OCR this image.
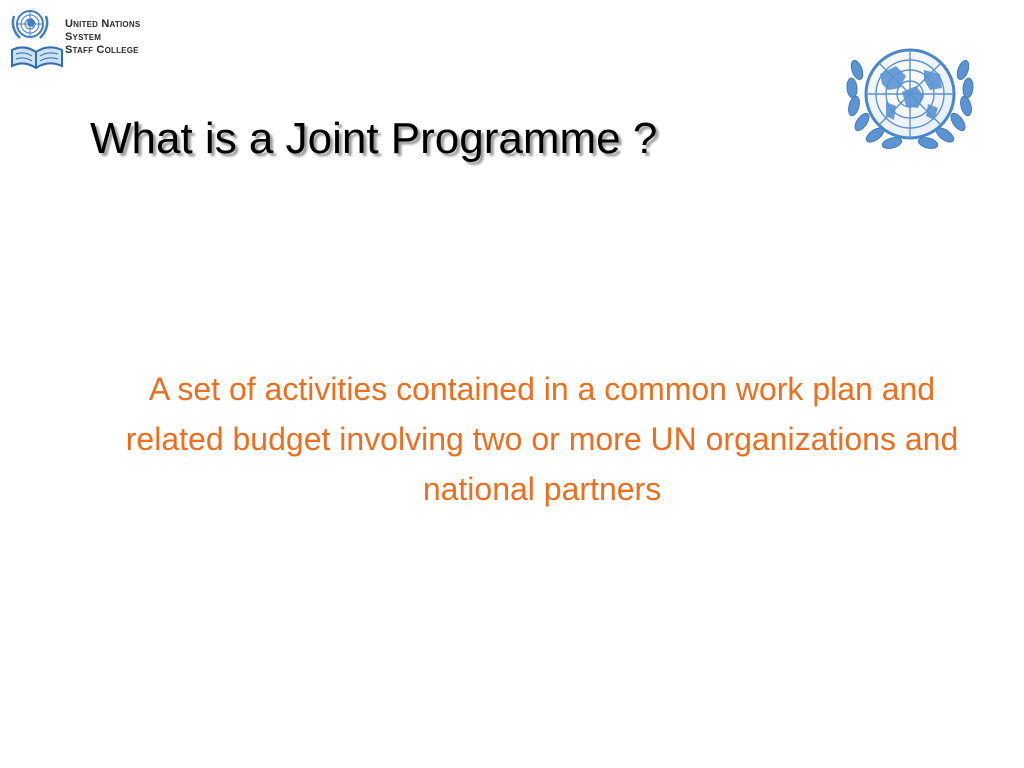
United Nations
System
Staff College
What is a Joint Programme ?

A set of activities contained in a common work plan and related budget involving two or more UN organizations and national partners
